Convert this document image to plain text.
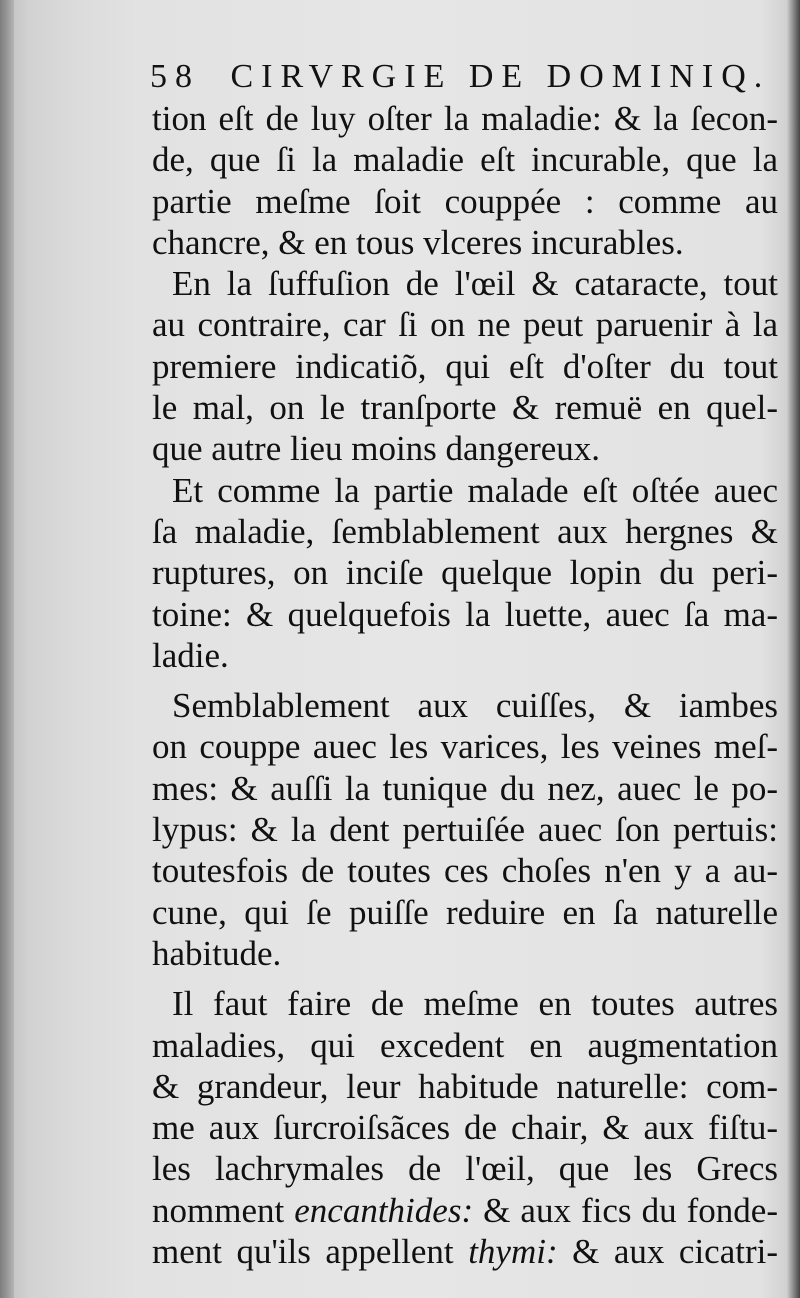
58 CIRVRGIE DE DOMINIQ.
tion eſt de luy oſter la maladie: & la ſecon-
de, que ſi la maladie eſt incurable, que la
partie meſme ſoit couppée : comme au
chancre, & en tous vlceres incurables.
En la ſuffuſion de l'œil & cataracte, tout
au contraire, car ſi on ne peut paruenir à la
premiere indicatiõ, qui eſt d'oſter du tout
le mal, on le tranſporte & remuë en quel-
que autre lieu moins dangereux.
Et comme la partie malade eſt oſtée auec
ſa maladie, ſemblablement aux hergnes &
ruptures, on inciſe quelque lopin du peri-
toine: & quelquefois la luette, auec ſa ma-
ladie.
Semblablement aux cuiſſes, & iambes
on couppe auec les varices, les veines meſ-
mes: & auſſi la tunique du nez, auec le po-
lypus: & la dent pertuiſée auec ſon pertuis:
toutesfois de toutes ces choſes n'en y a au-
cune, qui ſe puiſſe reduire en ſa naturelle
habitude.
Il faut faire de meſme en toutes autres
maladies, qui excedent en augmentation
& grandeur, leur habitude naturelle: com-
me aux ſurcroiſsãces de chair, & aux fiſtu-
les lachrymales de l'œil, que les Grecs
nomment encanthides: & aux fics du fonde-
ment qu'ils appellent thymi: & aux cicatri-
